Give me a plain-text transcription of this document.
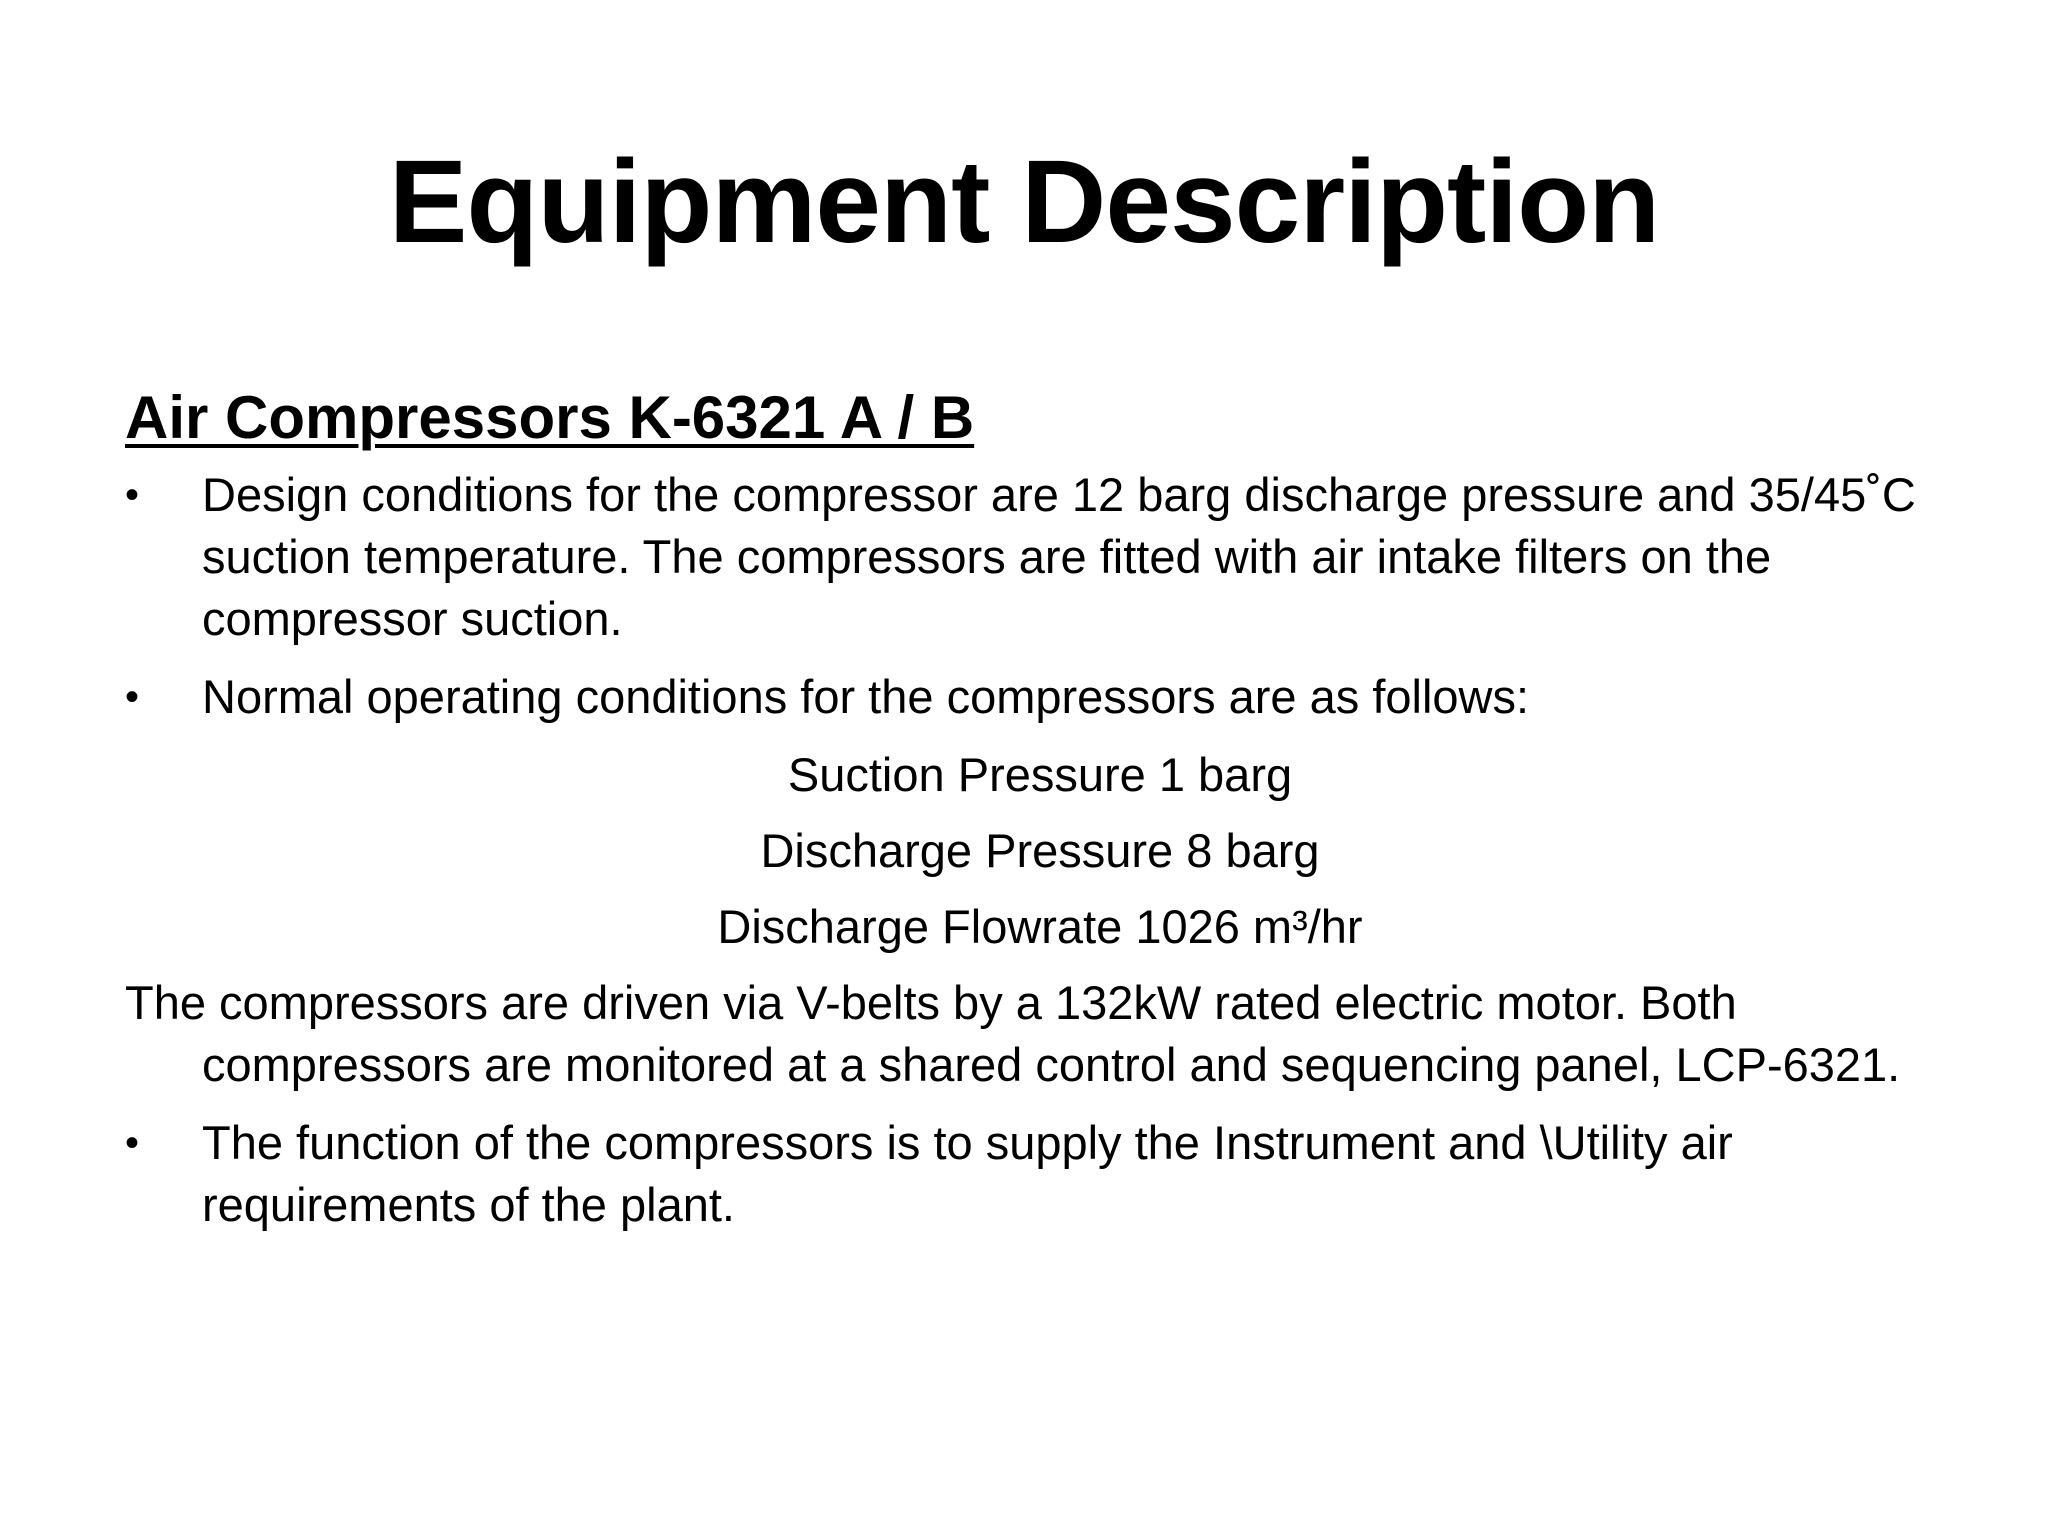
Equipment Description
Air Compressors K-6321 A / B
•	Design conditions for the compressor are 12 barg discharge pressure and 35/45˚C suction temperature. The compressors are fitted with air intake filters on the compressor suction.
•	Normal operating conditions for the compressors are as follows:
Suction Pressure 1 barg
Discharge Pressure 8 barg
Discharge Flowrate 1026 m³/hr
The compressors are driven via V-belts by a 132kW rated electric motor. Both compressors are monitored at a shared control and sequencing panel, LCP-6321.
•	The function of the compressors is to supply the Instrument and \Utility air requirements of the plant.
